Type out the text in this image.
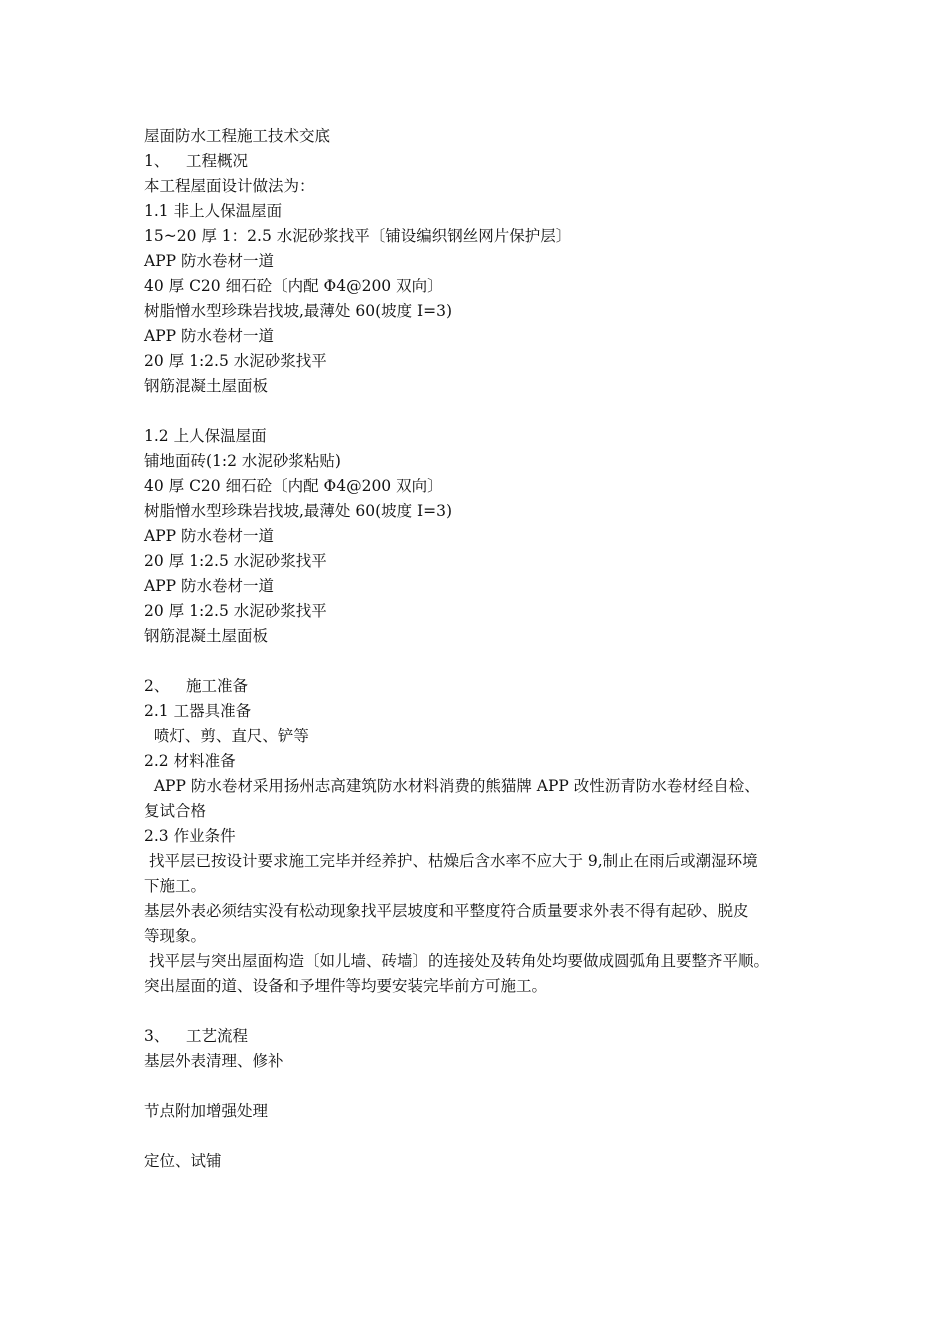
屋面防水工程施工技术交底

1、 工程概况

本工程屋面设计做法为：

1.1 非上人保温屋面

15~20 厚 1：2.5 水泥砂浆找平〔铺设编织钢丝网片保护层〕

APP 防水卷材一道

40 厚 C20 细石砼〔内配 Φ4@200 双向〕

树脂憎水型珍珠岩找坡,最薄处 60(坡度 I=3)

APP 防水卷材一道

20 厚 1:2.5 水泥砂浆找平

钢筋混凝土屋面板

1.2 上人保温屋面

铺地面砖(1:2 水泥砂浆粘贴)

40 厚 C20 细石砼〔内配 Φ4@200 双向〕

树脂憎水型珍珠岩找坡,最薄处 60(坡度 I=3)

APP 防水卷材一道

20 厚 1:2.5 水泥砂浆找平

APP 防水卷材一道

20 厚 1:2.5 水泥砂浆找平

钢筋混凝土屋面板

2、 施工准备

2.1 工器具准备

喷灯、剪、直尺、铲等

2.2 材料准备

APP 防水卷材采用扬州志高建筑防水材料消费的熊猫牌 APP 改性沥青防水卷材经自检、

复试合格

2.3 作业条件

找平层已按设计要求施工完毕并经养护、枯燥后含水率不应大于 9,制止在雨后或潮湿环境

下施工。

基层外表必须结实没有松动现象找平层坡度和平整度符合质量要求外表不得有起砂、脱皮

等现象。

找平层与突出屋面构造〔如儿墙、砖墙〕的连接处及转角处均要做成圆弧角且要整齐平顺。

突出屋面的道、设备和予埋件等均要安装完毕前方可施工。

3、 工艺流程

基层外表清理、修补

节点附加增强处理

定位、试铺
